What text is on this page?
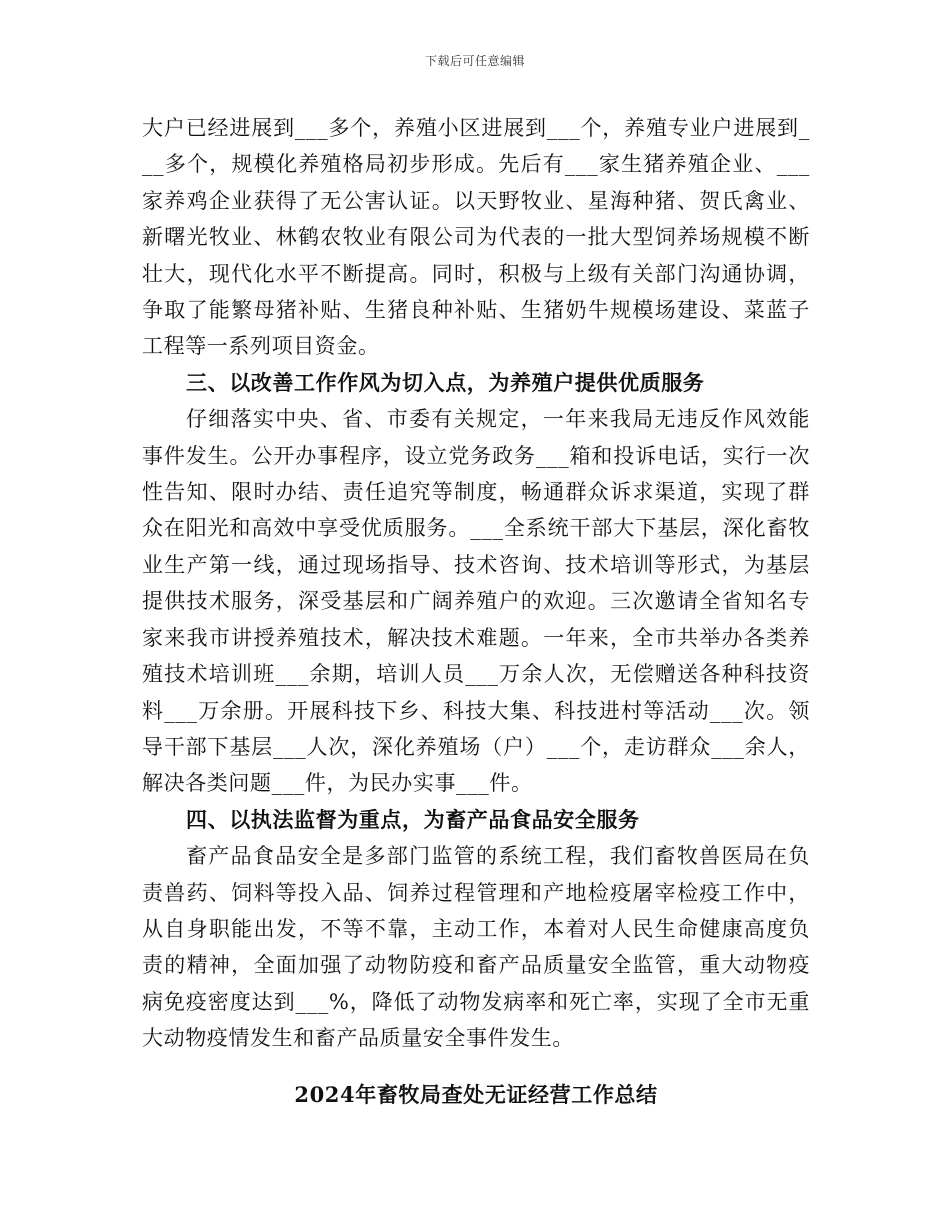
下载后可任意编辑

大户已经进展到___多个，养殖小区进展到___个，养殖专业户进展到___多个，规模化养殖格局初步形成。先后有___家生猪养殖企业、___家养鸡企业获得了无公害认证。以天野牧业、星海种猪、贺氏禽业、新曙光牧业、林鹤农牧业有限公司为代表的一批大型饲养场规模不断壮大，现代化水平不断提高。同时，积极与上级有关部门沟通协调，争取了能繁母猪补贴、生猪良种补贴、生猪奶牛规模场建设、菜蓝子工程等一系列项目资金。

三、以改善工作作风为切入点，为养殖户提供优质服务

仔细落实中央、省、市委有关规定，一年来我局无违反作风效能事件发生。公开办事程序，设立党务政务___箱和投诉电话，实行一次性告知、限时办结、责任追究等制度，畅通群众诉求渠道，实现了群众在阳光和高效中享受优质服务。___全系统干部大下基层，深化畜牧业生产第一线，通过现场指导、技术咨询、技术培训等形式，为基层提供技术服务，深受基层和广阔养殖户的欢迎。三次邀请全省知名专家来我市讲授养殖技术，解决技术难题。一年来，全市共举办各类养殖技术培训班___余期，培训人员___万余人次，无偿赠送各种科技资料___万余册。开展科技下乡、科技大集、科技进村等活动___次。领导干部下基层___人次，深化养殖场（户）___个，走访群众___余人，解决各类问题___件，为民办实事___件。

四、以执法监督为重点，为畜产品食品安全服务

畜产品食品安全是多部门监管的系统工程，我们畜牧兽医局在负责兽药、饲料等投入品、饲养过程管理和产地检疫屠宰检疫工作中，从自身职能出发，不等不靠，主动工作，本着对人民生命健康高度负责的精神，全面加强了动物防疫和畜产品质量安全监管，重大动物疫病免疫密度达到___%，降低了动物发病率和死亡率，实现了全市无重大动物疫情发生和畜产品质量安全事件发生。

2024年畜牧局查处无证经营工作总结
